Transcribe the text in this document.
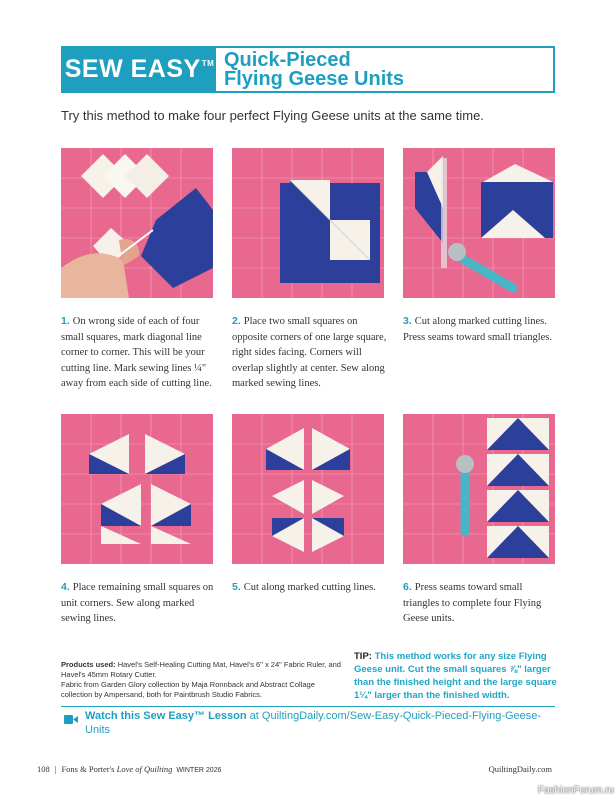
SEW EASY™ Quick-Pieced
Flying Geese Units
Try this method to make four perfect Flying Geese units at the same time.
1. On wrong side of each of four small squares, mark diagonal line corner to corner. This will be your cutting line. Mark sewing lines ¼" away from each side of cutting line.
2. Place two small squares on opposite corners of one large square, right sides facing. Corners will overlap slightly at center. Sew along marked sewing lines.
3. Cut along marked cutting lines. Press seams toward small triangles.
4. Place remaining small squares on unit corners. Sew along marked sewing lines.
5. Cut along marked cutting lines.	6. Press seams toward small triangles to complete four Flying Geese units.
Products used: Havel's Self-Healing Cutting Mat, Havel's 6" x 24" Fabric Ruler, and Havel's 45mm Rotary Cutter.
Fabric from Garden Glory collection by Maja Ronnback and Abstract Collage collection by Ampersand, both for Paintbrush Studio Fabrics.
TIP: This method works for any size Flying Geese unit. Cut the small squares ⅞" larger than the finished height and the large square 1¼" larger than the finished width.
Watch this Sew Easy™ Lesson at QuiltingDaily.com/Sew-Easy-Quick-Pieced-Flying-Geese-Units
108 | Fons & Porter's Love of Quilting WINTER 2026	QuiltingDaily.com
FashionForum.ru
